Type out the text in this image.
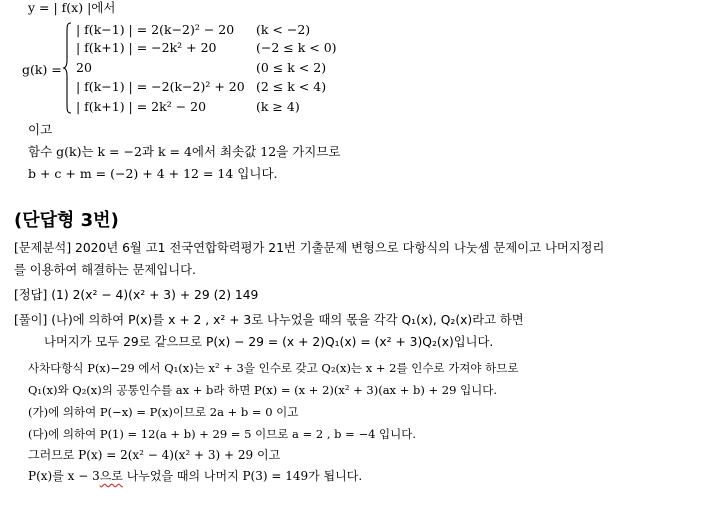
y = | f(x) |에서
g(k) =
| f(k−1) | = 2(k−2)² − 20 (k < −2)
| f(k+1) | = −2k² + 20	(−2 ≤ k < 0)
20	(0 ≤ k < 2)
| f(k−1) | = −2(k−2)² + 20 (2 ≤ k < 4)
| f(k+1) | = 2k² − 20	(k ≥ 4)
이고
함수 g(k)는 k = −2과 k = 4에서 최솟값 12을 가지므로
b + c + m = (−2) + 4 + 12 = 14 입니다.
(단답형 3번)
[문제분석] 2020년 6월 고1 전국연합학력평가 21번 기출문제 변형으로 다항식의 나눗셈 문제이고 나머지정리
를 이용하여 해결하는 문제입니다.
[정답] (1) 2(x² − 4)(x² + 3) + 29 (2) 149
[풀이] (나)에 의하여 P(x)를 x + 2 , x² + 3로 나누었을 때의 몫을 각각 Q₁(x), Q₂(x)라고 하면
나머지가 모두 29로 같으므로 P(x) − 29 = (x + 2)Q₁(x) = (x² + 3)Q₂(x)입니다.
사차다항식 P(x)−29 에서 Q₁(x)는 x² + 3을 인수로 갖고 Q₂(x)는 x + 2를 인수로 가져야 하므로
Q₁(x)와 Q₂(x)의 공통인수를 ax + b라 하면 P(x) = (x + 2)(x² + 3)(ax + b) + 29 입니다.
(가)에 의하여 P(−x) = P(x)이므로 2a + b = 0 이고
(다)에 의하여 P(1) = 12(a + b) + 29 = 5 이므로 a = 2 , b = −4 입니다.
그러므로 P(x) = 2(x² − 4)(x² + 3) + 29 이고
P(x)를 x − 3으로 나누었을 때의 나머지 P(3) = 149가 됩니다.
